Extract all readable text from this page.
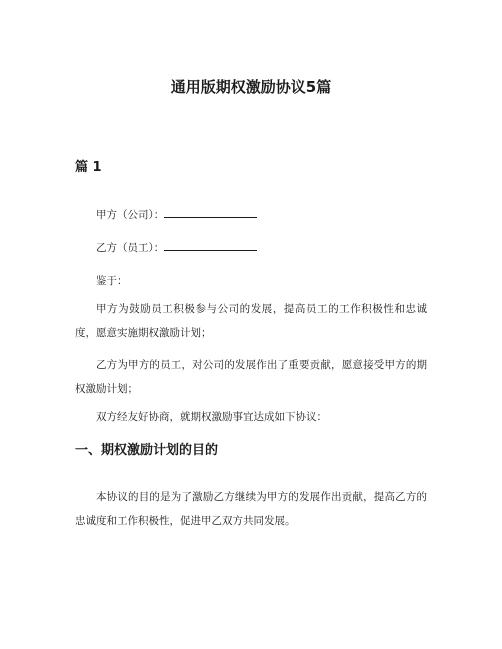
通用版期权激励协议5篇
篇 1
甲方（公司）：
乙方（员工）：
鉴于：
甲方为鼓励员工积极参与公司的发展，提高员工的工作积极性和忠诚度，愿意实施期权激励计划；
乙方为甲方的员工，对公司的发展作出了重要贡献，愿意接受甲方的期权激励计划；
双方经友好协商，就期权激励事宜达成如下协议：
一、期权激励计划的目的
本协议的目的是为了激励乙方继续为甲方的发展作出贡献，提高乙方的忠诚度和工作积极性，促进甲乙双方共同发展。
